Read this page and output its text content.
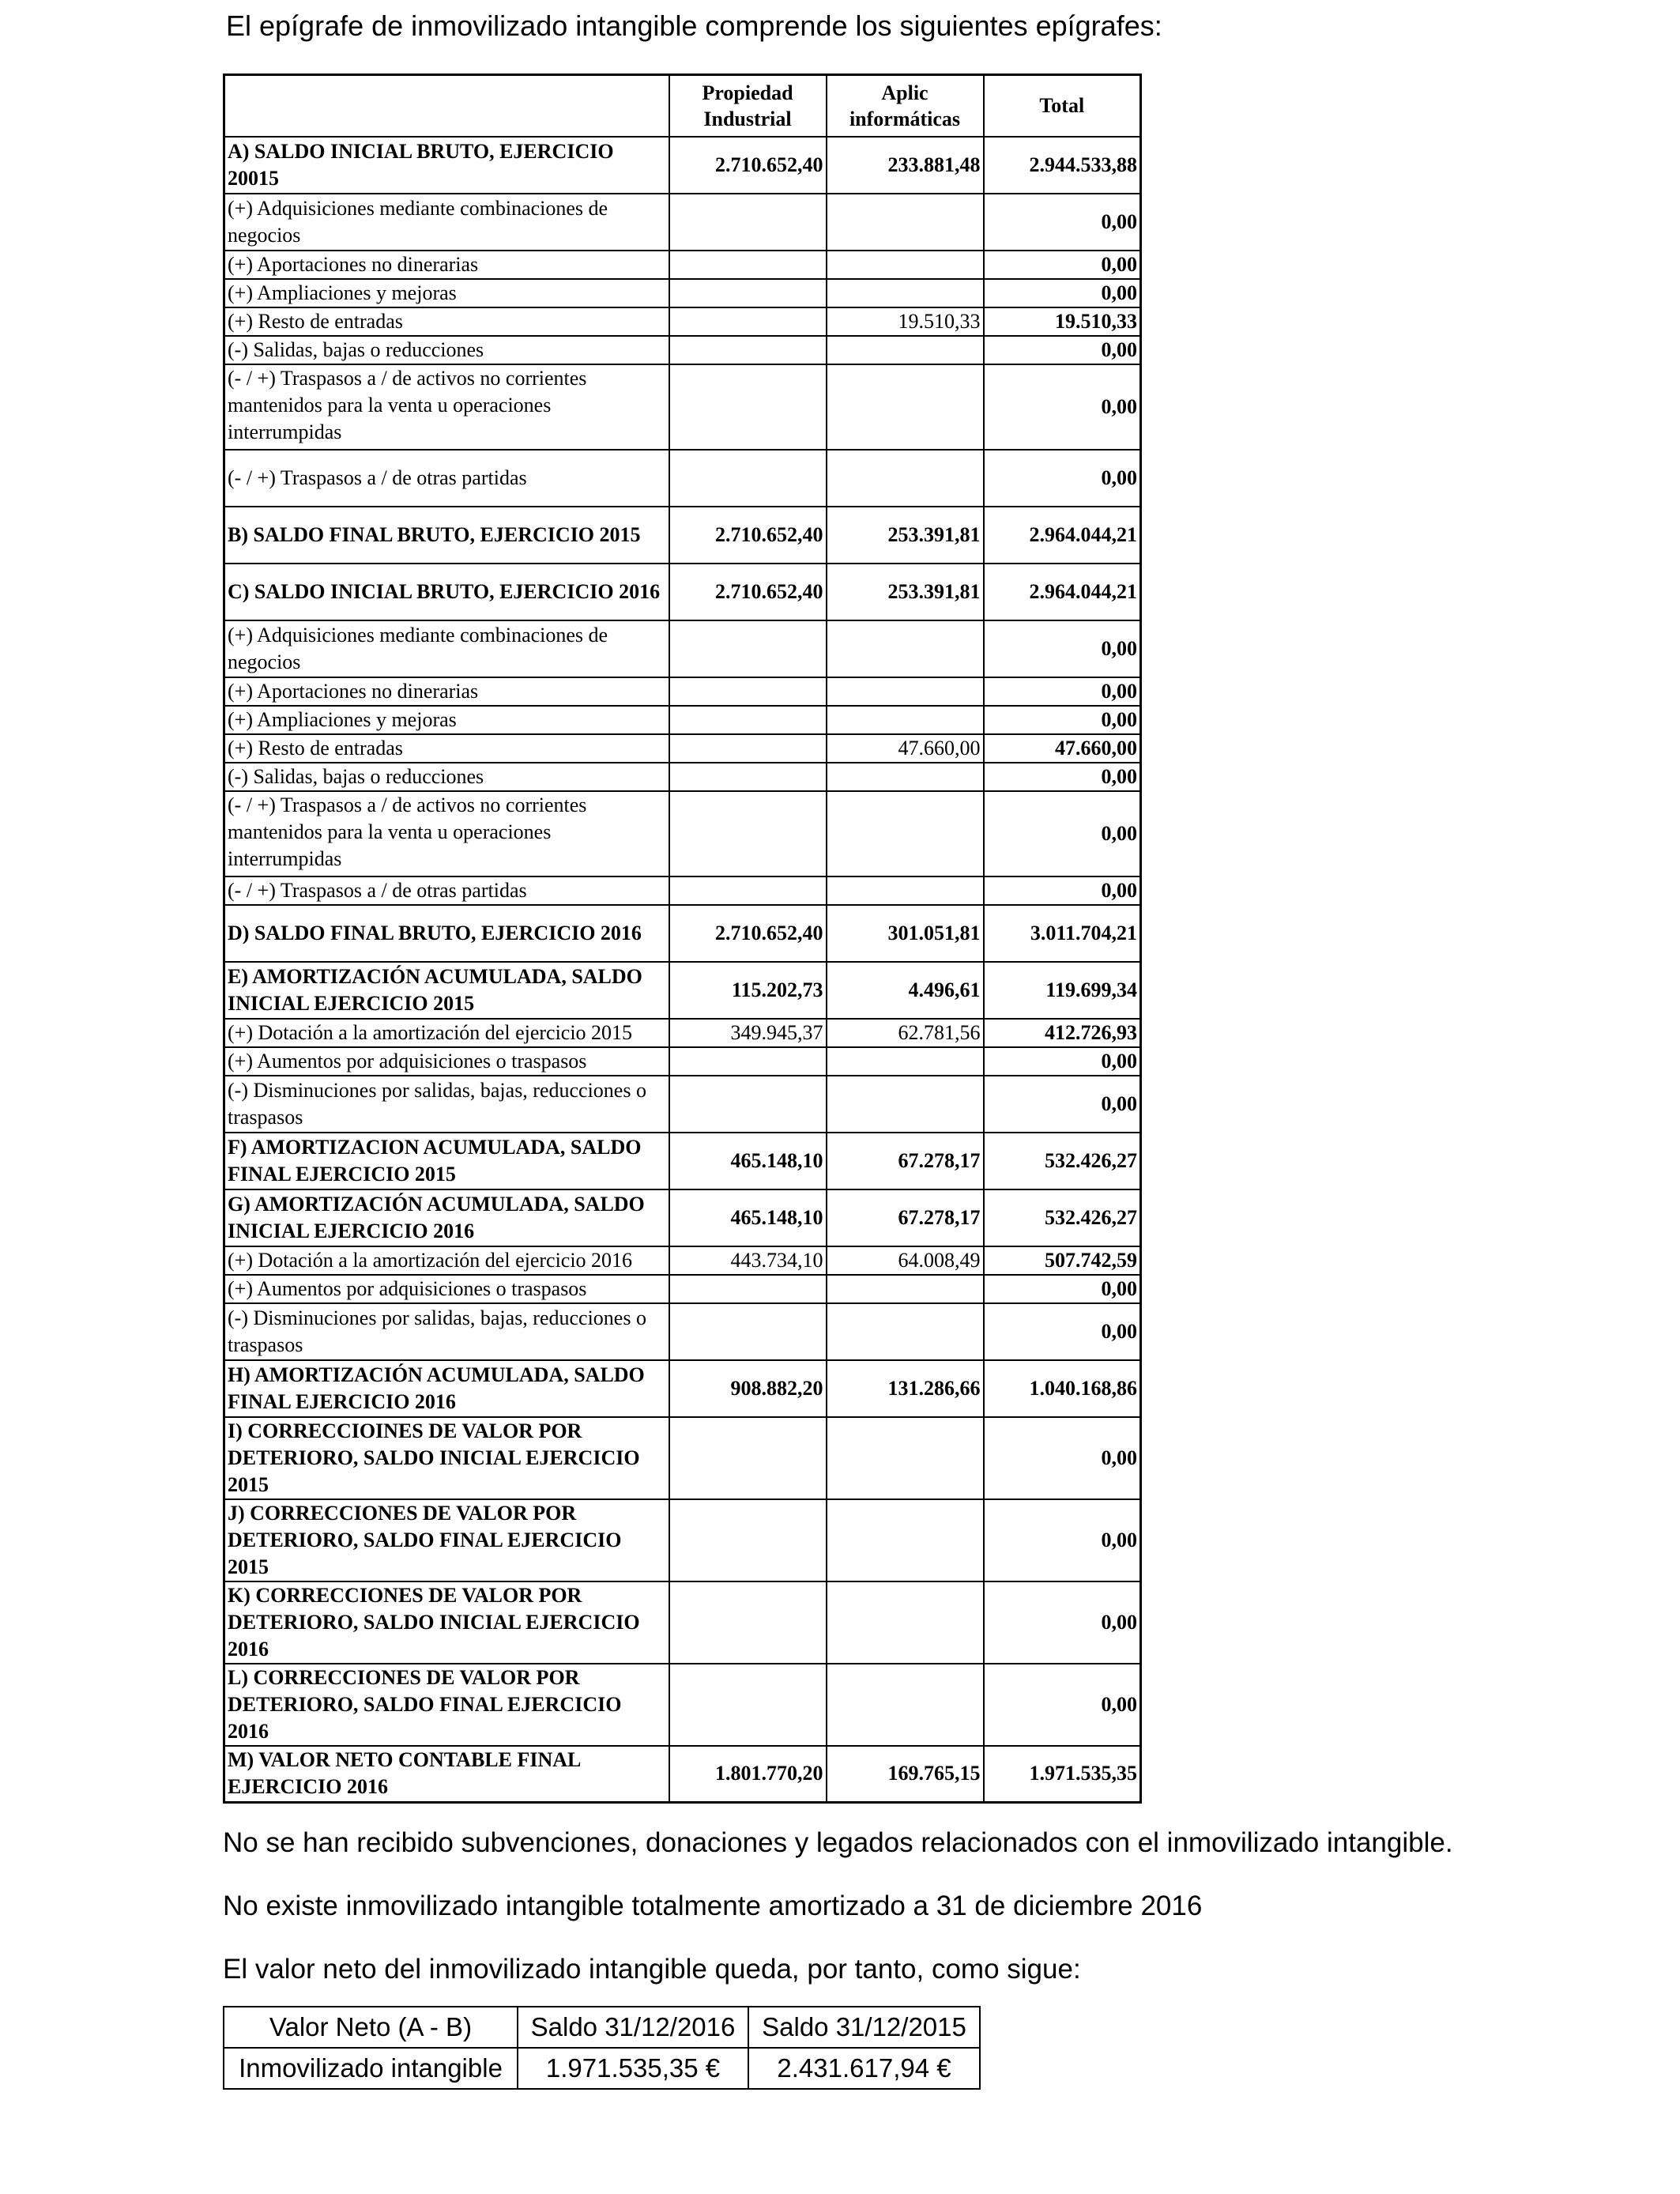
El epígrafe de inmovilizado intangible comprende los siguientes epígrafes:
	Propiedad Industrial	Aplic informáticas	Total
A) SALDO INICIAL BRUTO, EJERCICIO 20015	2.710.652,40	233.881,48	2.944.533,88
(+) Adquisiciones mediante combinaciones de negocios			0,00
(+) Aportaciones no dinerarias			0,00
(+) Ampliaciones y mejoras			0,00
(+) Resto de entradas		19.510,33	19.510,33
(-) Salidas, bajas o reducciones			0,00
(- / +) Traspasos a / de activos no corrientes mantenidos para la venta u operaciones interrumpidas			0,00
(- / +) Traspasos a / de otras partidas			0,00
B) SALDO FINAL BRUTO, EJERCICIO 2015	2.710.652,40	253.391,81	2.964.044,21
C) SALDO INICIAL BRUTO, EJERCICIO 2016	2.710.652,40	253.391,81	2.964.044,21
(+) Adquisiciones mediante combinaciones de negocios			0,00
(+) Aportaciones no dinerarias			0,00
(+) Ampliaciones y mejoras			0,00
(+) Resto de entradas		47.660,00	47.660,00
(-) Salidas, bajas o reducciones			0,00
(- / +) Traspasos a / de activos no corrientes mantenidos para la venta u operaciones interrumpidas			0,00
(- / +) Traspasos a / de otras partidas			0,00
D) SALDO FINAL BRUTO, EJERCICIO 2016	2.710.652,40	301.051,81	3.011.704,21
E) AMORTIZACIÓN ACUMULADA, SALDO INICIAL EJERCICIO 2015	115.202,73	4.496,61	119.699,34
(+) Dotación a la amortización del ejercicio 2015	349.945,37	62.781,56	412.726,93
(+) Aumentos por adquisiciones o traspasos			0,00
(-) Disminuciones por salidas, bajas, reducciones o traspasos			0,00
F) AMORTIZACION ACUMULADA, SALDO FINAL EJERCICIO 2015	465.148,10	67.278,17	532.426,27
G) AMORTIZACIÓN ACUMULADA, SALDO INICIAL EJERCICIO 2016	465.148,10	67.278,17	532.426,27
(+) Dotación a la amortización del ejercicio 2016	443.734,10	64.008,49	507.742,59
(+) Aumentos por adquisiciones o traspasos			0,00
(-) Disminuciones por salidas, bajas, reducciones o traspasos			0,00
H) AMORTIZACIÓN ACUMULADA, SALDO FINAL EJERCICIO 2016	908.882,20	131.286,66	1.040.168,86
I) CORRECCIOINES DE VALOR POR DETERIORO, SALDO INICIAL EJERCICIO 2015			0,00
J) CORRECCIONES DE VALOR POR DETERIORO, SALDO FINAL EJERCICIO 2015			0,00
K) CORRECCIONES DE VALOR POR DETERIORO, SALDO INICIAL EJERCICIO 2016			0,00
L) CORRECCIONES DE VALOR POR DETERIORO, SALDO FINAL EJERCICIO 2016			0,00
M) VALOR NETO CONTABLE FINAL EJERCICIO 2016	1.801.770,20	169.765,15	1.971.535,35
No se han recibido subvenciones, donaciones y legados relacionados con el inmovilizado intangible.
No existe inmovilizado intangible totalmente amortizado a 31 de diciembre 2016
El valor neto del inmovilizado intangible queda, por tanto, como sigue:
Valor Neto (A - B)	Saldo 31/12/2016	Saldo 31/12/2015
Inmovilizado intangible	1.971.535,35 €	2.431.617,94 €
